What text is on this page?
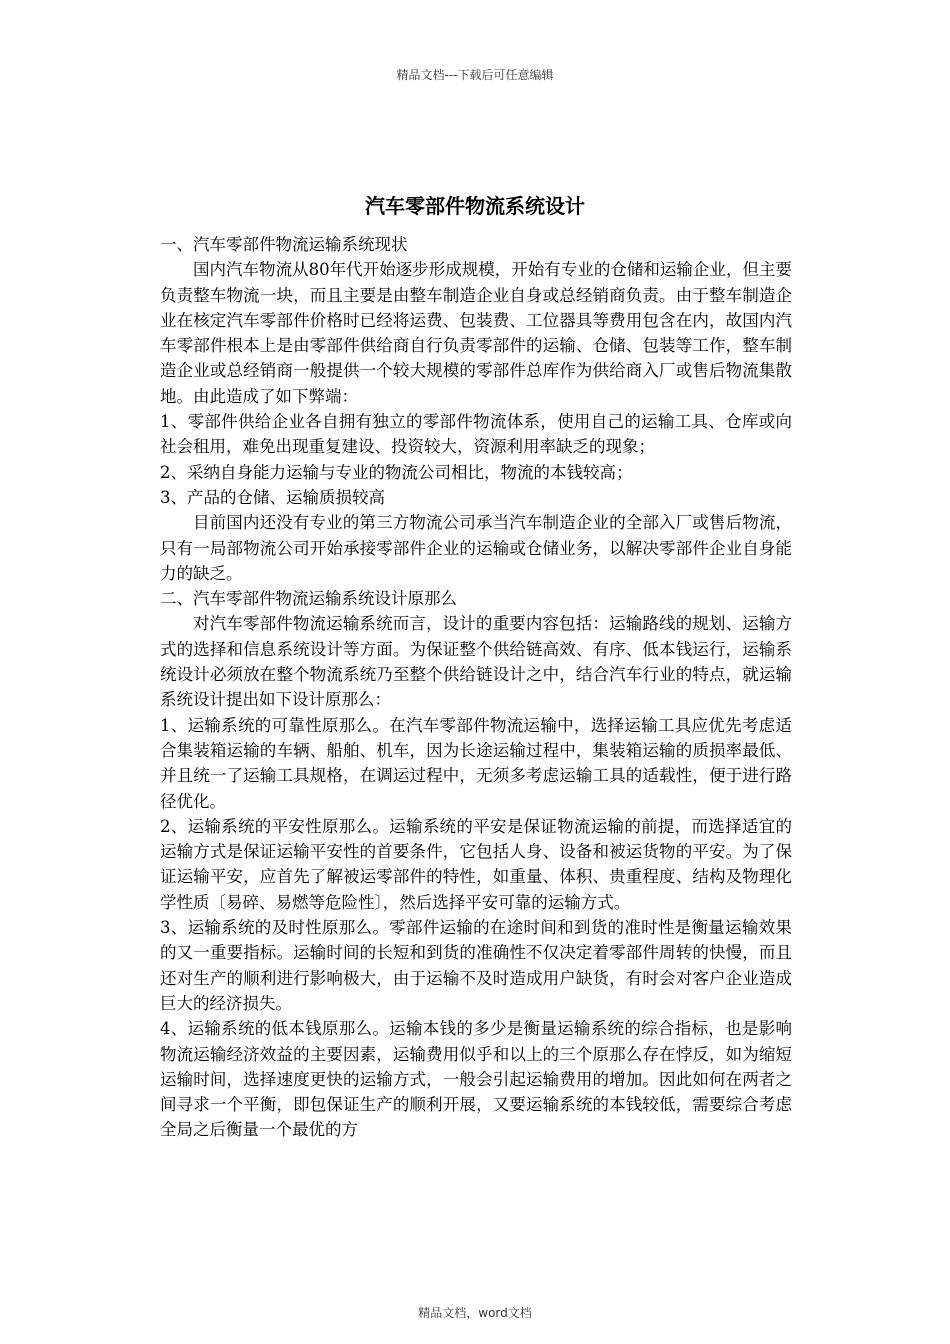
精品文档---下载后可任意编辑
汽车零部件物流系统设计

一、汽车零部件物流运输系统现状

国内汽车物流从80年代开始逐步形成规模，开始有专业的仓储和运输企业，但主要负责整车物流一块，而且主要是由整车制造企业自身或总经销商负责。由于整车制造企业在核定汽车零部件价格时已经将运费、包装费、工位器具等费用包含在内，故国内汽车零部件根本上是由零部件供给商自行负责零部件的运输、仓储、包装等工作，整车制造企业或总经销商一般提供一个较大规模的零部件总库作为供给商入厂或售后物流集散地。由此造成了如下弊端：

1、零部件供给企业各自拥有独立的零部件物流体系，使用自己的运输工具、仓库或向社会租用，难免出现重复建设、投资较大，资源利用率缺乏的现象；

2、采纳自身能力运输与专业的物流公司相比，物流的本钱较高；

3、产品的仓储、运输质损较高

目前国内还没有专业的第三方物流公司承当汽车制造企业的全部入厂或售后物流，只有一局部物流公司开始承接零部件企业的运输或仓储业务，以解决零部件企业自身能力的缺乏。

二、汽车零部件物流运输系统设计原那么

对汽车零部件物流运输系统而言，设计的重要内容包括：运输路线的规划、运输方式的选择和信息系统设计等方面。为保证整个供给链高效、有序、低本钱运行，运输系统设计必须放在整个物流系统乃至整个供给链设计之中，结合汽车行业的特点，就运输系统设计提出如下设计原那么：

1、运输系统的可靠性原那么。在汽车零部件物流运输中，选择运输工具应优先考虑适合集装箱运输的车辆、船舶、机车，因为长途运输过程中，集装箱运输的质损率最低、并且统一了运输工具规格，在调运过程中，无须多考虑运输工具的适载性，便于进行路径优化。

2、运输系统的平安性原那么。运输系统的平安是保证物流运输的前提，而选择适宜的运输方式是保证运输平安性的首要条件，它包括人身、设备和被运货物的平安。为了保证运输平安，应首先了解被运零部件的特性，如重量、体积、贵重程度、结构及物理化学性质〔易碎、易燃等危险性〕，然后选择平安可靠的运输方式。

3、运输系统的及时性原那么。零部件运输的在途时间和到货的准时性是衡量运输效果的又一重要指标。运输时间的长短和到货的准确性不仅决定着零部件周转的快慢，而且还对生产的顺利进行影响极大，由于运输不及时造成用户缺货，有时会对客户企业造成巨大的经济损失。

4、运输系统的低本钱原那么。运输本钱的多少是衡量运输系统的综合指标，也是影响物流运输经济效益的主要因素，运输费用似乎和以上的三个原那么存在悖反，如为缩短运输时间，选择速度更快的运输方式，一般会引起运输费用的增加。因此如何在两者之间寻求一个平衡，即包保证生产的顺利开展，又要运输系统的本钱较低，需要综合考虑全局之后衡量一个最优的方

精品文档，word文档
